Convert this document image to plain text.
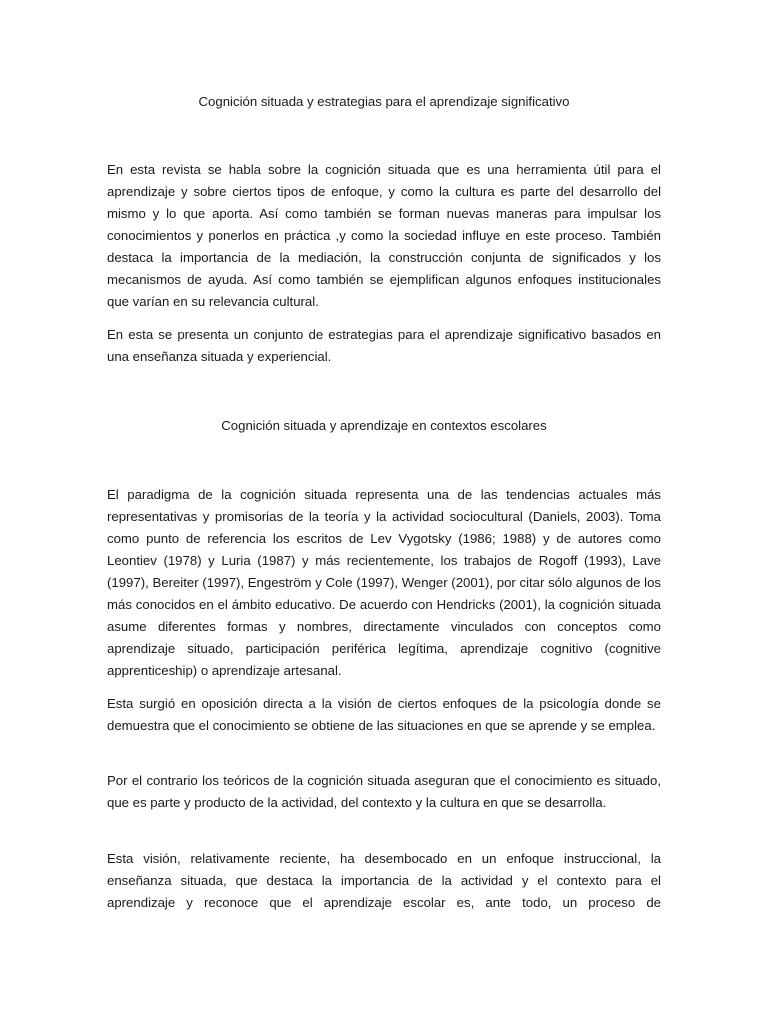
Cognición situada y estrategias para el aprendizaje significativo

En esta revista se habla sobre la cognición situada que es una herramienta útil para el aprendizaje y sobre ciertos tipos de enfoque, y como la cultura es parte del desarrollo del mismo y lo que aporta. Así como también se forman nuevas maneras para impulsar los conocimientos y ponerlos en práctica ,y como la sociedad influye en este proceso. También destaca la importancia de la mediación, la construcción conjunta de significados y los mecanismos de ayuda. Así como también se ejemplifican algunos enfoques institucionales que varían en su relevancia cultural.

En esta se presenta un conjunto de estrategias para el aprendizaje significativo basados en una enseñanza situada y experiencial.

Cognición situada y aprendizaje en contextos escolares

El paradigma de la cognición situada representa una de las tendencias actuales más representativas y promisorias de la teoría y la actividad sociocultural (Daniels, 2003). Toma como punto de referencia los escritos de Lev Vygotsky (1986; 1988) y de autores como Leontiev (1978) y Luria (1987) y más recientemente, los trabajos de Rogoff (1993), Lave (1997), Bereiter (1997), Engeström y Cole (1997), Wenger (2001), por citar sólo algunos de los más conocidos en el ámbito educativo. De acuerdo con Hendricks (2001), la cognición situada asume diferentes formas y nombres, directamente vinculados con conceptos como aprendizaje situado, participación periférica legítima, aprendizaje cognitivo (cognitive apprenticeship) o aprendizaje artesanal.

Esta surgió en oposición directa a la visión de ciertos enfoques de la psicología donde se demuestra que el conocimiento se obtiene de las situaciones en que se aprende y se emplea.

Por el contrario los teóricos de la cognición situada aseguran que el conocimiento es situado, que es parte y producto de la actividad, del contexto y la cultura en que se desarrolla.

Esta visión, relativamente reciente, ha desembocado en un enfoque instruccional, la enseñanza situada, que destaca la importancia de la actividad y el contexto para el aprendizaje y reconoce que el aprendizaje escolar es, ante todo, un proceso de
